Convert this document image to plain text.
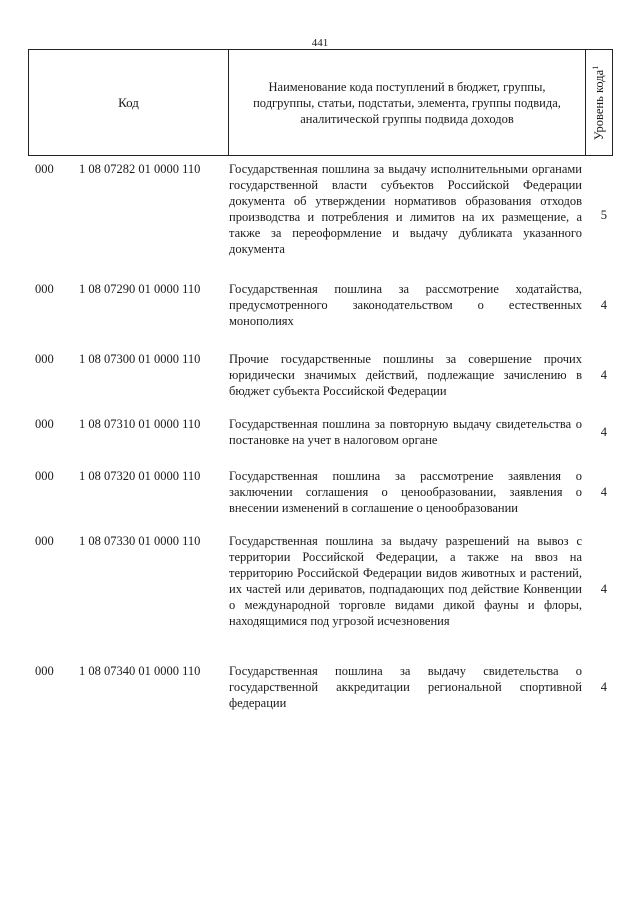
441
Код
Наименование кода поступлений в бюджет, группы, подгруппы, статьи, подстатьи, элемента, группы подвида, аналитической группы подвида доходов	Уровень кода$^1$
000 1 08 07282 01 0000 110 Государственная пошлина за выдачу исполнительными органами государственной власти субъектов Российской Федерации документа об утверждении нормативов образования отходов производства и потребления и лимитов на их размещение, а также за переоформление и выдачу дубликата указанного документа
5
000 1 08 07290 01 0000 110 Государственная пошлина за рассмотрение ходатайства, предусмотренного законодательством о естественных монополиях
4
000 1 08 07300 01 0000 110 Прочие государственные пошлины за совершение прочих юридически значимых действий, подлежащие зачислению в бюджет субъекта Российской Федерации
4
000 1 08 07310 01 0000 110 Государственная пошлина за повторную выдачу свидетельства о постановке на учет в налоговом органе
4
000 1 08 07320 01 0000 110 Государственная пошлина за рассмотрение заявления о заключении соглашения о ценообразовании, заявления о внесении изменений в соглашение о ценообразовании
4
000 1 08 07330 01 0000 110 Государственная пошлина за выдачу разрешений на вывоз с территории Российской Федерации, а также на ввоз на территорию Российской Федерации видов животных и растений, их частей или дериватов, подпадающих под действие Конвенции о международной торговле видами дикой фауны и флоры, находящимися под угрозой исчезновения
4
000 1 08 07340 01 0000 110 Государственная пошлина за выдачу свидетельства о государственной аккредитации региональной спортивной федерации
4
